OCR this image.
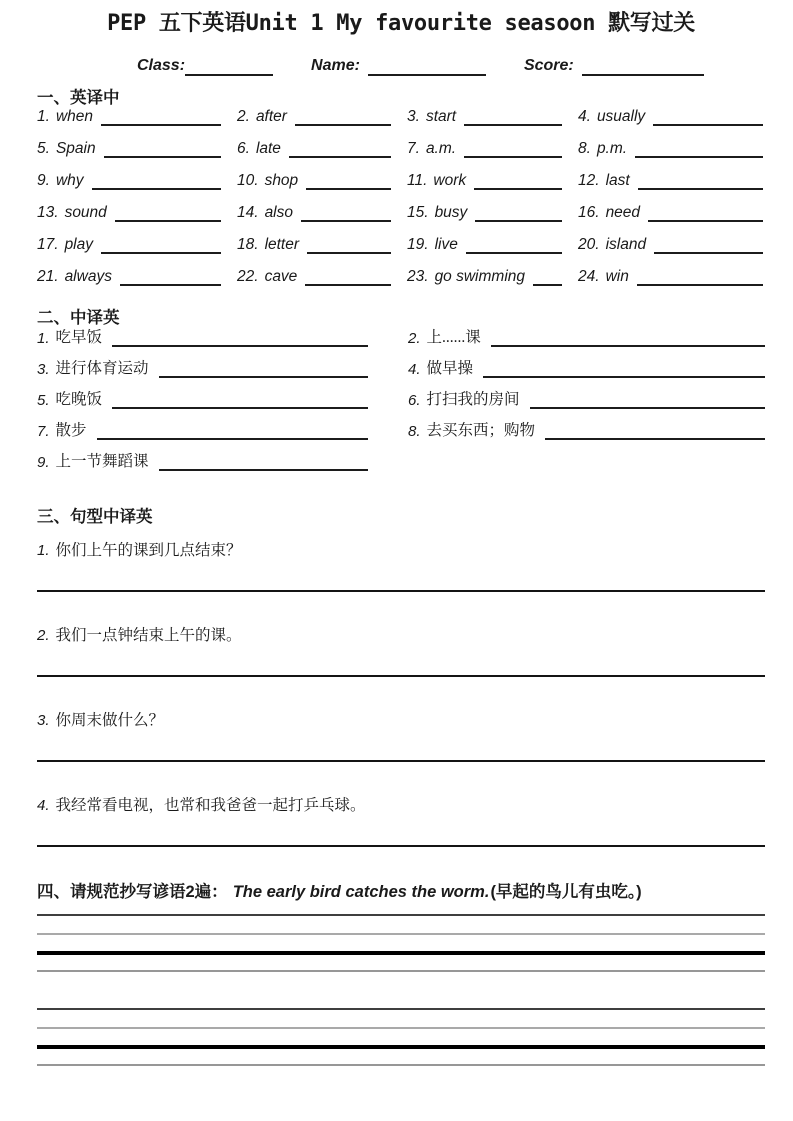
PEP 五下英语Unit 1 My favourite seasoon 默写过关
Class:	Name:	Score:
一、英译中
1. when	2. after	3. start	4. usually
5. Spain	6. late	7. a.m.	8. p.m.
9. why	10. shop	11. work	12. last
13. sound	14. also	15. busy	16. need
17. play	18. letter	19. live	20. island
21. always	22. cave	23. go swimming	24. win
二、中译英
1. 吃早饭	2. 上......课
3. 进行体育运动	4. 做早操
5. 吃晚饭	6. 打扫我的房间
7. 散步	8. 去买东西；购物
9. 上一节舞蹈课
三、句型中译英
1. 你们上午的课到几点结束？
2. 我们一点钟结束上午的课。
3. 你周末做什么？
4. 我经常看电视，也常和我爸爸一起打乒乓球。
四、请规范抄写谚语2遍： The early bird catches the worm.(早起的鸟儿有虫吃。)
